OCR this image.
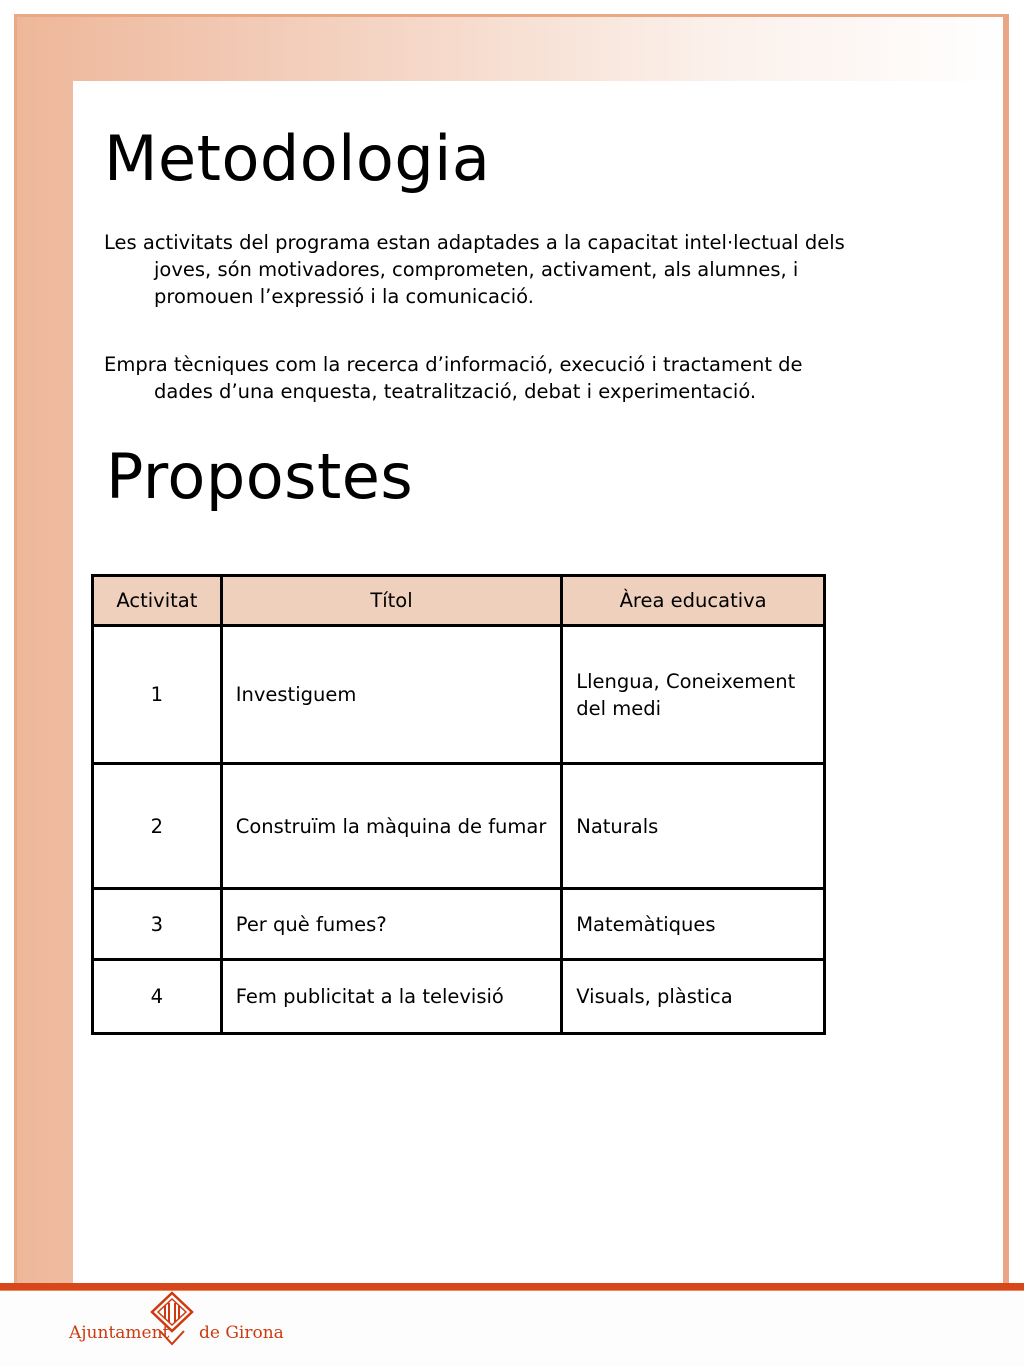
Metodologia

Les activitats del programa estan adaptades a la capacitat intel·lectual dels joves, són motivadores, comprometen, activament, als alumnes, i promouen l’expressió i la comunicació.

Empra tècniques com la recerca d’informació, execució i tractament de dades d’una enquesta, teatralització, debat i experimentació.

Propostes
Activitat	Títol	Àrea educativa
1	Investiguem	Llengua, Coneixement del medi
2	Construïm la màquina de fumar	Naturals
3	Per què fumes?	Matemàtiques
4	Fem publicitat a la televisió	Visuals, plàstica
Ajuntament de Girona
